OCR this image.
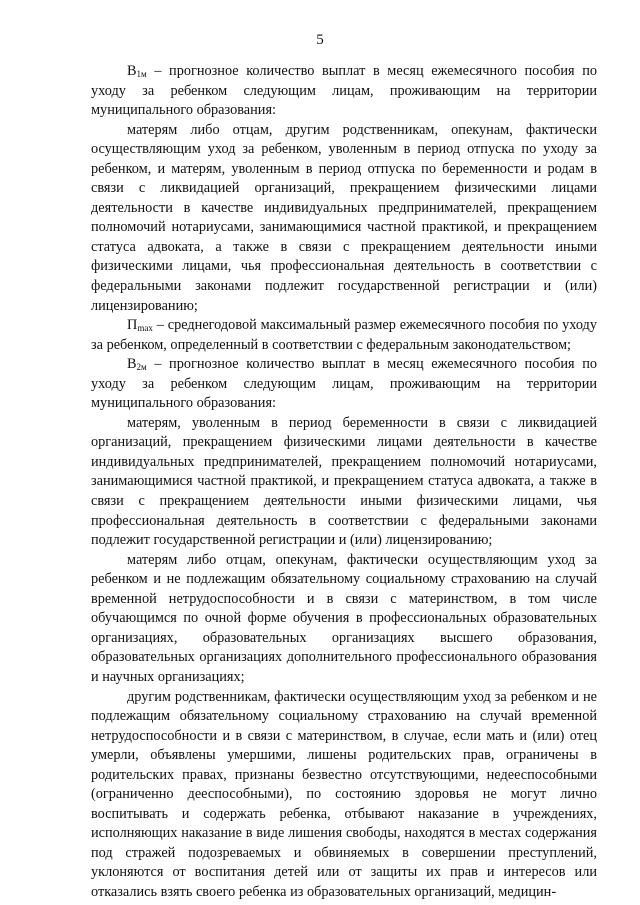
5

В1м – прогнозное количество выплат в месяц ежемесячного пособия по уходу за ребенком следующим лицам, проживающим на территории муниципального образования:

матерям либо отцам, другим родственникам, опекунам, фактически осуществляющим уход за ребенком, уволенным в период отпуска по уходу за ребенком, и матерям, уволенным в период отпуска по беременности и родам в связи с ликвидацией организаций, прекращением физическими лицами деятельности в качестве индивидуальных предпринимателей, прекращением полномочий нотариусами, занимающимися частной практикой, и прекращением статуса адвоката, а также в связи с прекращением деятельности иными физическими лицами, чья профессиональная деятельность в соответствии с федеральными законами подлежит государственной регистрации и (или) лицензированию;

Пmax – среднегодовой максимальный размер ежемесячного пособия по уходу за ребенком, определенный в соответствии с федеральным законодательством;

В2м – прогнозное количество выплат в месяц ежемесячного пособия по уходу за ребенком следующим лицам, проживающим на территории муниципального образования:

матерям, уволенным в период беременности в связи с ликвидацией организаций, прекращением физическими лицами деятельности в качестве индивидуальных предпринимателей, прекращением полномочий нотариусами, занимающимися частной практикой, и прекращением статуса адвоката, а также в связи с прекращением деятельности иными физическими лицами, чья профессиональная деятельность в соответствии с федеральными законами подлежит государственной регистрации и (или) лицензированию;

матерям либо отцам, опекунам, фактически осуществляющим уход за ребенком и не подлежащим обязательному социальному страхованию на случай временной нетрудоспособности и в связи с материнством, в том числе обучающимся по очной форме обучения в профессиональных образовательных организациях, образовательных организациях высшего образования, образовательных организациях дополнительного профессионального образования и научных организациях;

другим родственникам, фактически осуществляющим уход за ребенком и не подлежащим обязательному социальному страхованию на случай временной нетрудоспособности и в связи с материнством, в случае, если мать и (или) отец умерли, объявлены умершими, лишены родительских прав, ограничены в родительских правах, признаны безвестно отсутствующими, недееспособными (ограниченно дееспособными), по состоянию здоровья не могут лично воспитывать и содержать ребенка, отбывают наказание в учреждениях, исполняющих наказание в виде лишения свободы, находятся в местах содержания под стражей подозреваемых и обвиняемых в совершении преступлений, уклоняются от воспитания детей или от защиты их прав и интересов или отказались взять своего ребенка из образовательных организаций, медицин-
